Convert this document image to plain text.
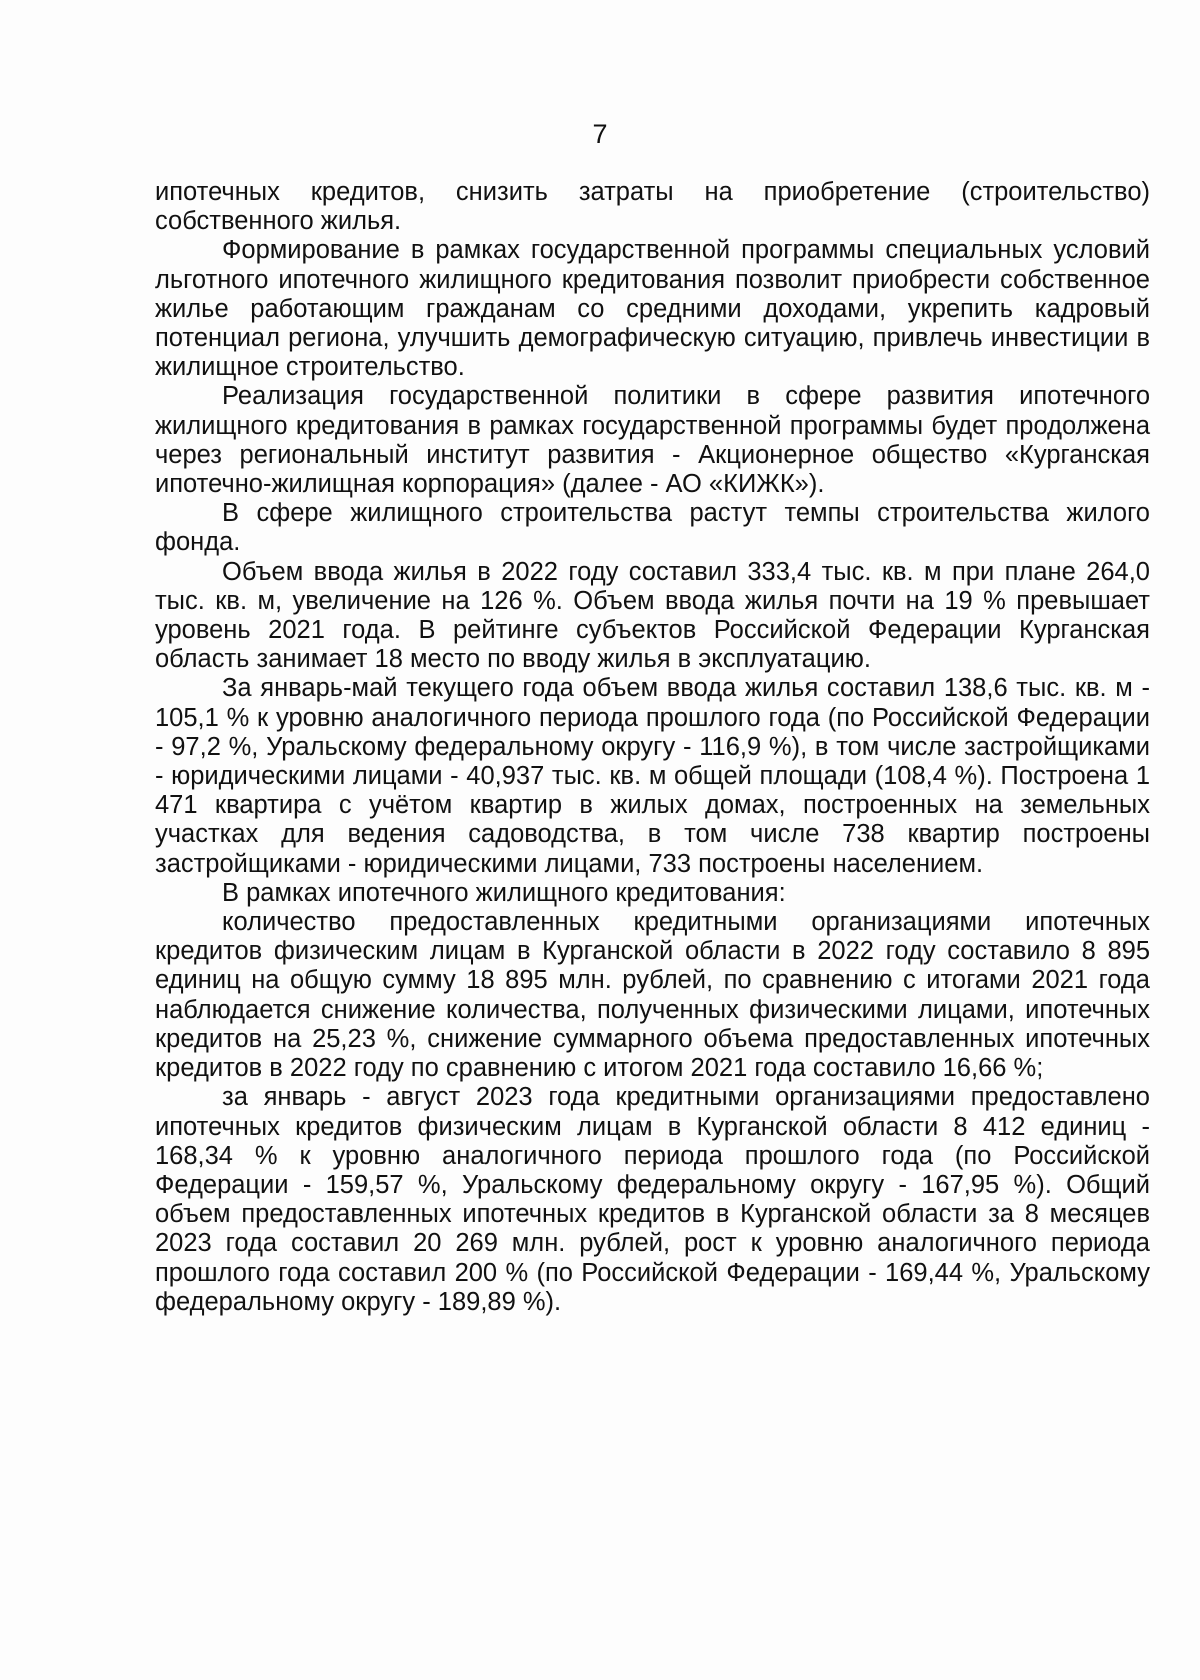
7

ипотечных кредитов, снизить затраты на приобретение (строительство) собственного жилья.

Формирование в рамках государственной программы специальных условий льготного ипотечного жилищного кредитования позволит приобрести собственное жилье работающим гражданам со средними доходами, укрепить кадровый потенциал региона, улучшить демографическую ситуацию, привлечь инвестиции в жилищное строительство.

Реализация государственной политики в сфере развития ипотечного жилищного кредитования в рамках государственной программы будет продолжена через региональный институт развития - Акционерное общество «Курганская ипотечно-жилищная корпорация» (далее - АО «КИЖК»).

В сфере жилищного строительства растут темпы строительства жилого фонда.

Объем ввода жилья в 2022 году составил 333,4 тыс. кв. м при плане 264,0 тыс. кв. м, увеличение на 126 %. Объем ввода жилья почти на 19 % превышает уровень 2021 года. В рейтинге субъектов Российской Федерации Курганская область занимает 18 место по вводу жилья в эксплуатацию.

За январь-май текущего года объем ввода жилья составил 138,6 тыс. кв. м - 105,1 % к уровню аналогичного периода прошлого года (по Российской Федерации - 97,2 %, Уральскому федеральному округу - 116,9 %), в том числе застройщиками - юридическими лицами - 40,937 тыс. кв. м общей площади (108,4 %). Построена 1 471 квартира с учётом квартир в жилых домах, построенных на земельных участках для ведения садоводства, в том числе 738 квартир построены застройщиками - юридическими лицами, 733 построены населением.

В рамках ипотечного жилищного кредитования:

количество предоставленных кредитными организациями ипотечных кредитов физическим лицам в Курганской области в 2022 году составило 8 895 единиц на общую сумму 18 895 млн. рублей, по сравнению с итогами 2021 года наблюдается снижение количества, полученных физическими лицами, ипотечных кредитов на 25,23 %, снижение суммарного объема предоставленных ипотечных кредитов в 2022 году по сравнению с итогом 2021 года составило 16,66 %;

за январь - август 2023 года кредитными организациями предоставлено ипотечных кредитов физическим лицам в Курганской области 8 412 единиц - 168,34 % к уровню аналогичного периода прошлого года (по Российской Федерации - 159,57 %, Уральскому федеральному округу - 167,95 %). Общий объем предоставленных ипотечных кредитов в Курганской области за 8 месяцев 2023 года составил 20 269 млн. рублей, рост к уровню аналогичного периода прошлого года составил 200 % (по Российской Федерации - 169,44 %, Уральскому федеральному округу - 189,89 %).
